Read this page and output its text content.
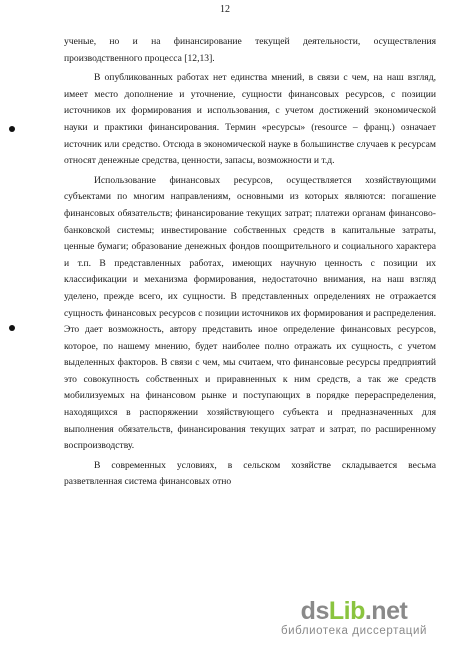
12

ученые, но и на финансирование текущей деятельности, осуществления производственного процесса [12,13].

В опубликованных работах нет единства мнений, в связи с чем, на наш взгляд, имеет место дополнение и уточнение, сущности финансовых ресурсов, с позиции источников их формирования и использования, с учетом достижений экономической науки и практики финансирования. Термин «ресурсы» (resource – франц.) означает источник или средство. Отсюда в экономической науке в большинстве случаев к ресурсам относят денежные средства, ценности, запасы, возможности и т.д.

Использование финансовых ресурсов, осуществляется хозяйствующими субъектами по многим направлениям, основными из которых являются: погашение финансовых обязательств; финансирование текущих затрат; платежи органам финансово-банковской системы; инвестирование собственных средств в капитальные затраты, ценные бумаги; образование денежных фондов поощрительного и социального характера и т.п. В представленных работах, имеющих научную ценность с позиции их классификации и механизма формирования, недостаточно внимания, на наш взгляд уделено, прежде всего, их сущности. В представленных определениях не отражается сущность финансовых ресурсов с позиции источников их формирования и распределения. Это дает возможность, автору представить иное определение финансовых ресурсов, которое, по нашему мнению, будет наиболее полно отражать их сущность, с учетом выделенных факторов. В связи с чем, мы считаем, что финансовые ресурсы предприятий это совокупность собственных и приравненных к ним средств, а так же средств мобилизуемых на финансовом рынке и поступающих в порядке перераспределения, находящихся в распоряжении хозяйствующего субъекта и предназначенных для выполнения обязательств, финансирования текущих затрат и затрат, по расширенному воспроизводству.

В современных условиях, в сельском хозяйстве складывается весьма разветвленная система финансовых отно

dsLib.net
библиотека диссертаций
